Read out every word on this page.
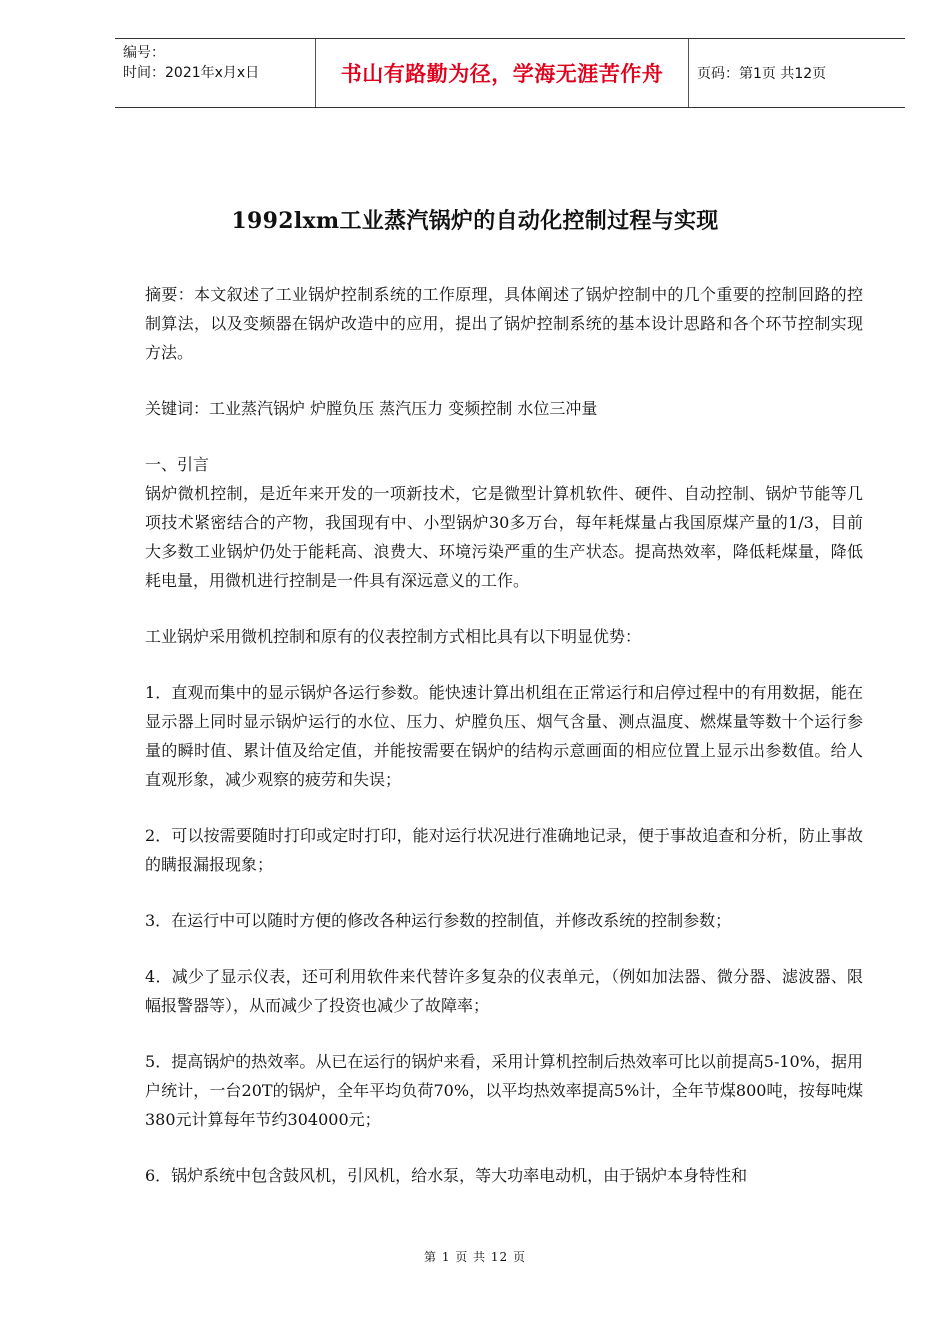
编号：
时间：2021年x月x日	书山有路勤为径，学海无涯苦作舟	页码：第1页 共12页
1992lxm工业蒸汽锅炉的自动化控制过程与实现

摘要：本文叙述了工业锅炉控制系统的工作原理，具体阐述了锅炉控制中的几个重要的控制回路的控制算法，以及变频器在锅炉改造中的应用，提出了锅炉控制系统的基本设计思路和各个环节控制实现方法。

关键词：工业蒸汽锅炉 炉膛负压 蒸汽压力 变频控制 水位三冲量

一、引言

锅炉微机控制，是近年来开发的一项新技术，它是微型计算机软件、硬件、自动控制、锅炉节能等几项技术紧密结合的产物，我国现有中、小型锅炉30多万台，每年耗煤量占我国原煤产量的1/3，目前大多数工业锅炉仍处于能耗高、浪费大、环境污染严重的生产状态。提高热效率，降低耗煤量，降低耗电量，用微机进行控制是一件具有深远意义的工作。

工业锅炉采用微机控制和原有的仪表控制方式相比具有以下明显优势：

1．直观而集中的显示锅炉各运行参数。能快速计算出机组在正常运行和启停过程中的有用数据，能在显示器上同时显示锅炉运行的水位、压力、炉膛负压、烟气含量、测点温度、燃煤量等数十个运行参量的瞬时值、累计值及给定值，并能按需要在锅炉的结构示意画面的相应位置上显示出参数值。给人直观形象，减少观察的疲劳和失误；

2．可以按需要随时打印或定时打印，能对运行状况进行准确地记录，便于事故追查和分析，防止事故的瞒报漏报现象；

3．在运行中可以随时方便的修改各种运行参数的控制值，并修改系统的控制参数；

4．减少了显示仪表，还可利用软件来代替许多复杂的仪表单元，（例如加法器、微分器、滤波器、限幅报警器等），从而减少了投资也减少了故障率；

5．提高锅炉的热效率。从已在运行的锅炉来看，采用计算机控制后热效率可比以前提高5-10%，据用户统计，一台20T的锅炉，全年平均负荷70%，以平均热效率提高5%计，全年节煤800吨，按每吨煤380元计算每年节约304000元；

6．锅炉系统中包含鼓风机，引风机，给水泵，等大功率电动机，由于锅炉本身特性和

第 1 页 共 12 页
